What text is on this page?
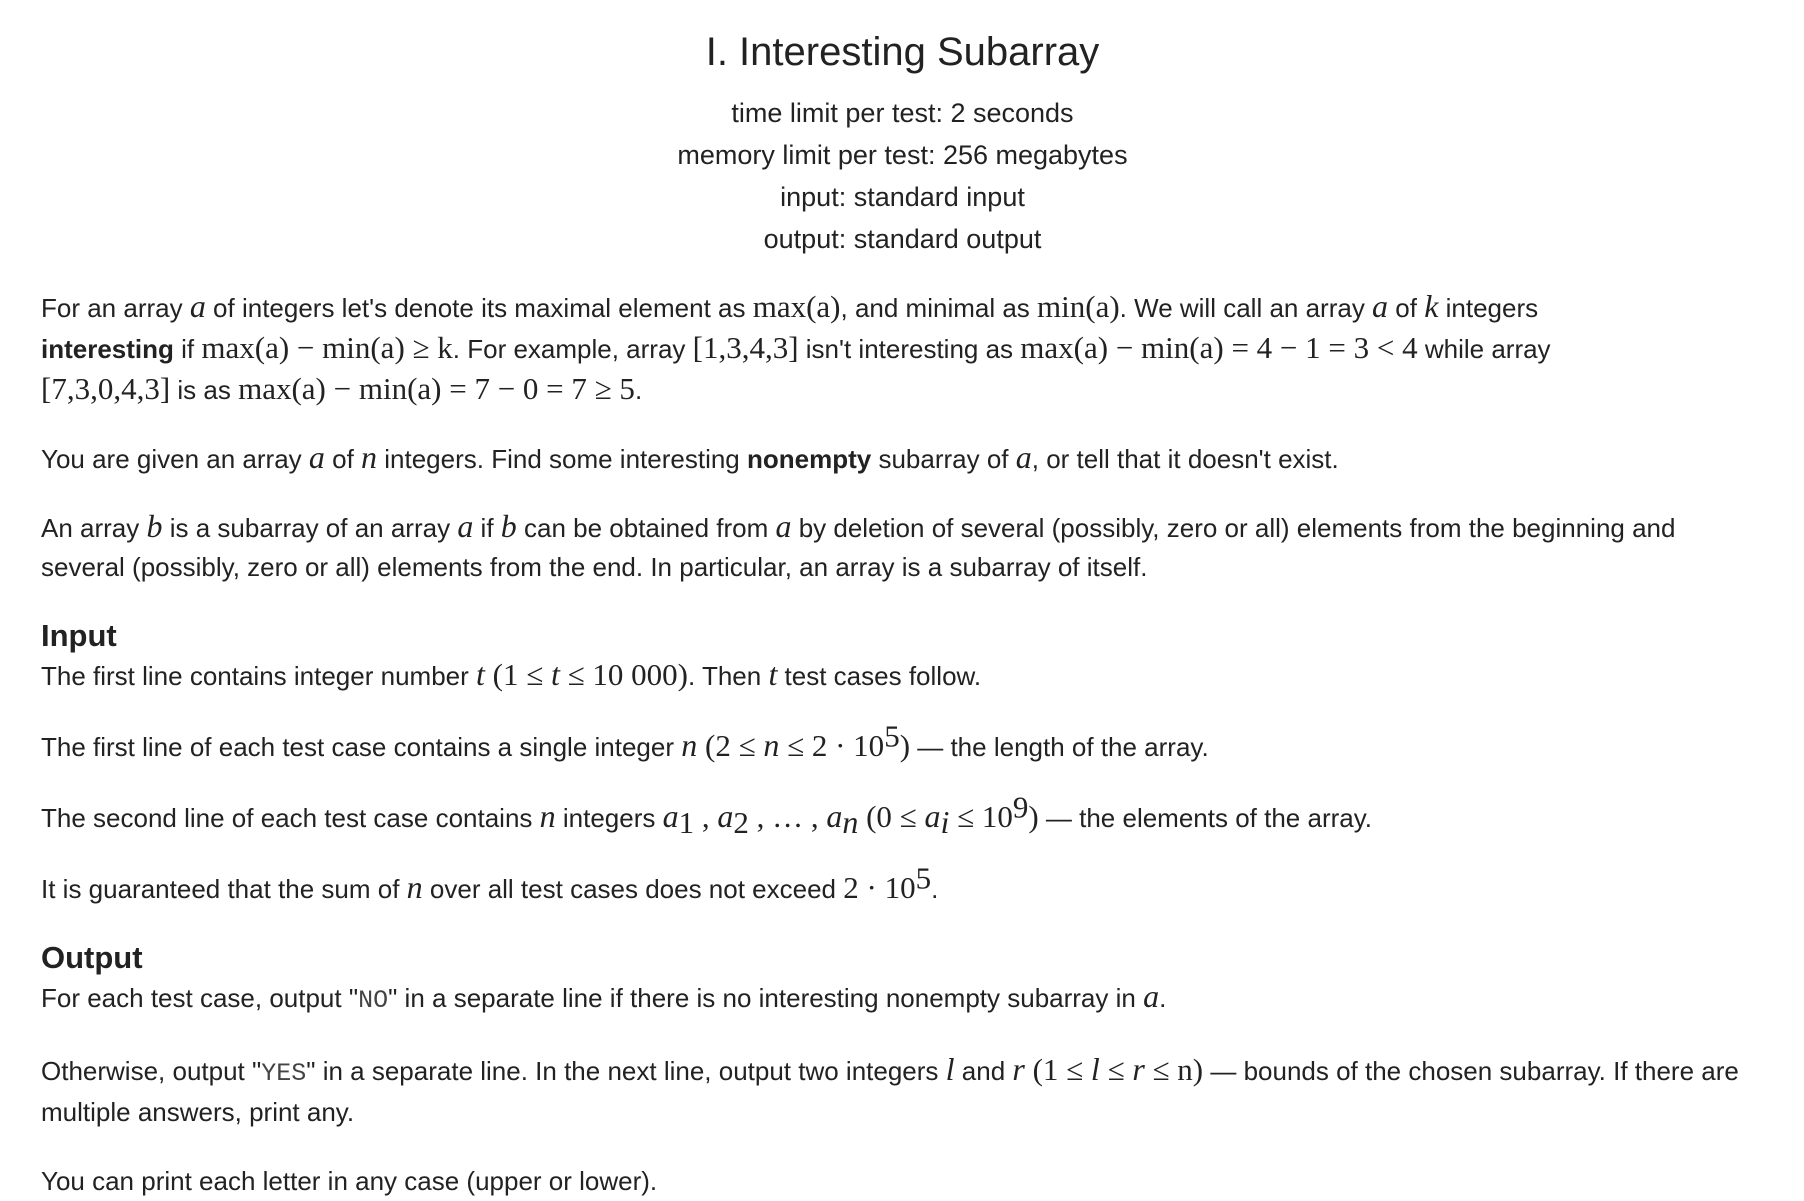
I. Interesting Subarray
time limit per test: 2 seconds
memory limit per test: 256 megabytes
input: standard input
output: standard output

For an array a of integers let's denote its maximal element as max(a), and minimal as min(a). We will call an array a of k integers
interesting if max(a) − min(a) ≥ k. For example, array [1,3,4,3] isn't interesting as max(a) − min(a) = 4 − 1 = 3 < 4 while array
[7,3,0,4,3] is as max(a) − min(a) = 7 − 0 = 7 ≥ 5.

You are given an array a of n integers. Find some interesting nonempty subarray of a, or tell that it doesn't exist.

An array b is a subarray of an array a if b can be obtained from a by deletion of several (possibly, zero or all) elements from the beginning and several (possibly, zero or all) elements from the end. In particular, an array is a subarray of itself.

Input

The first line contains integer number t (1 ≤ t ≤ 10 000). Then t test cases follow.

The first line of each test case contains a single integer n $(2 \le n \le 2 \cdot 10^5)$ — the length of the array.

The second line of each test case contains n integers $a_1$ , $a_2$ , … , $a_n$ $(0 \le a_i \le 10^9)$ — the elements of the array.

It is guaranteed that the sum of n over all test cases does not exceed $2 \cdot 10^5$.

Output

For each test case, output "NO" in a separate line if there is no interesting nonempty subarray in a.

Otherwise, output "YES" in a separate line. In the next line, output two integers l and r (1 ≤ l ≤ r ≤ n) — bounds of the chosen subarray. If there are multiple answers, print any.

You can print each letter in any case (upper or lower).
